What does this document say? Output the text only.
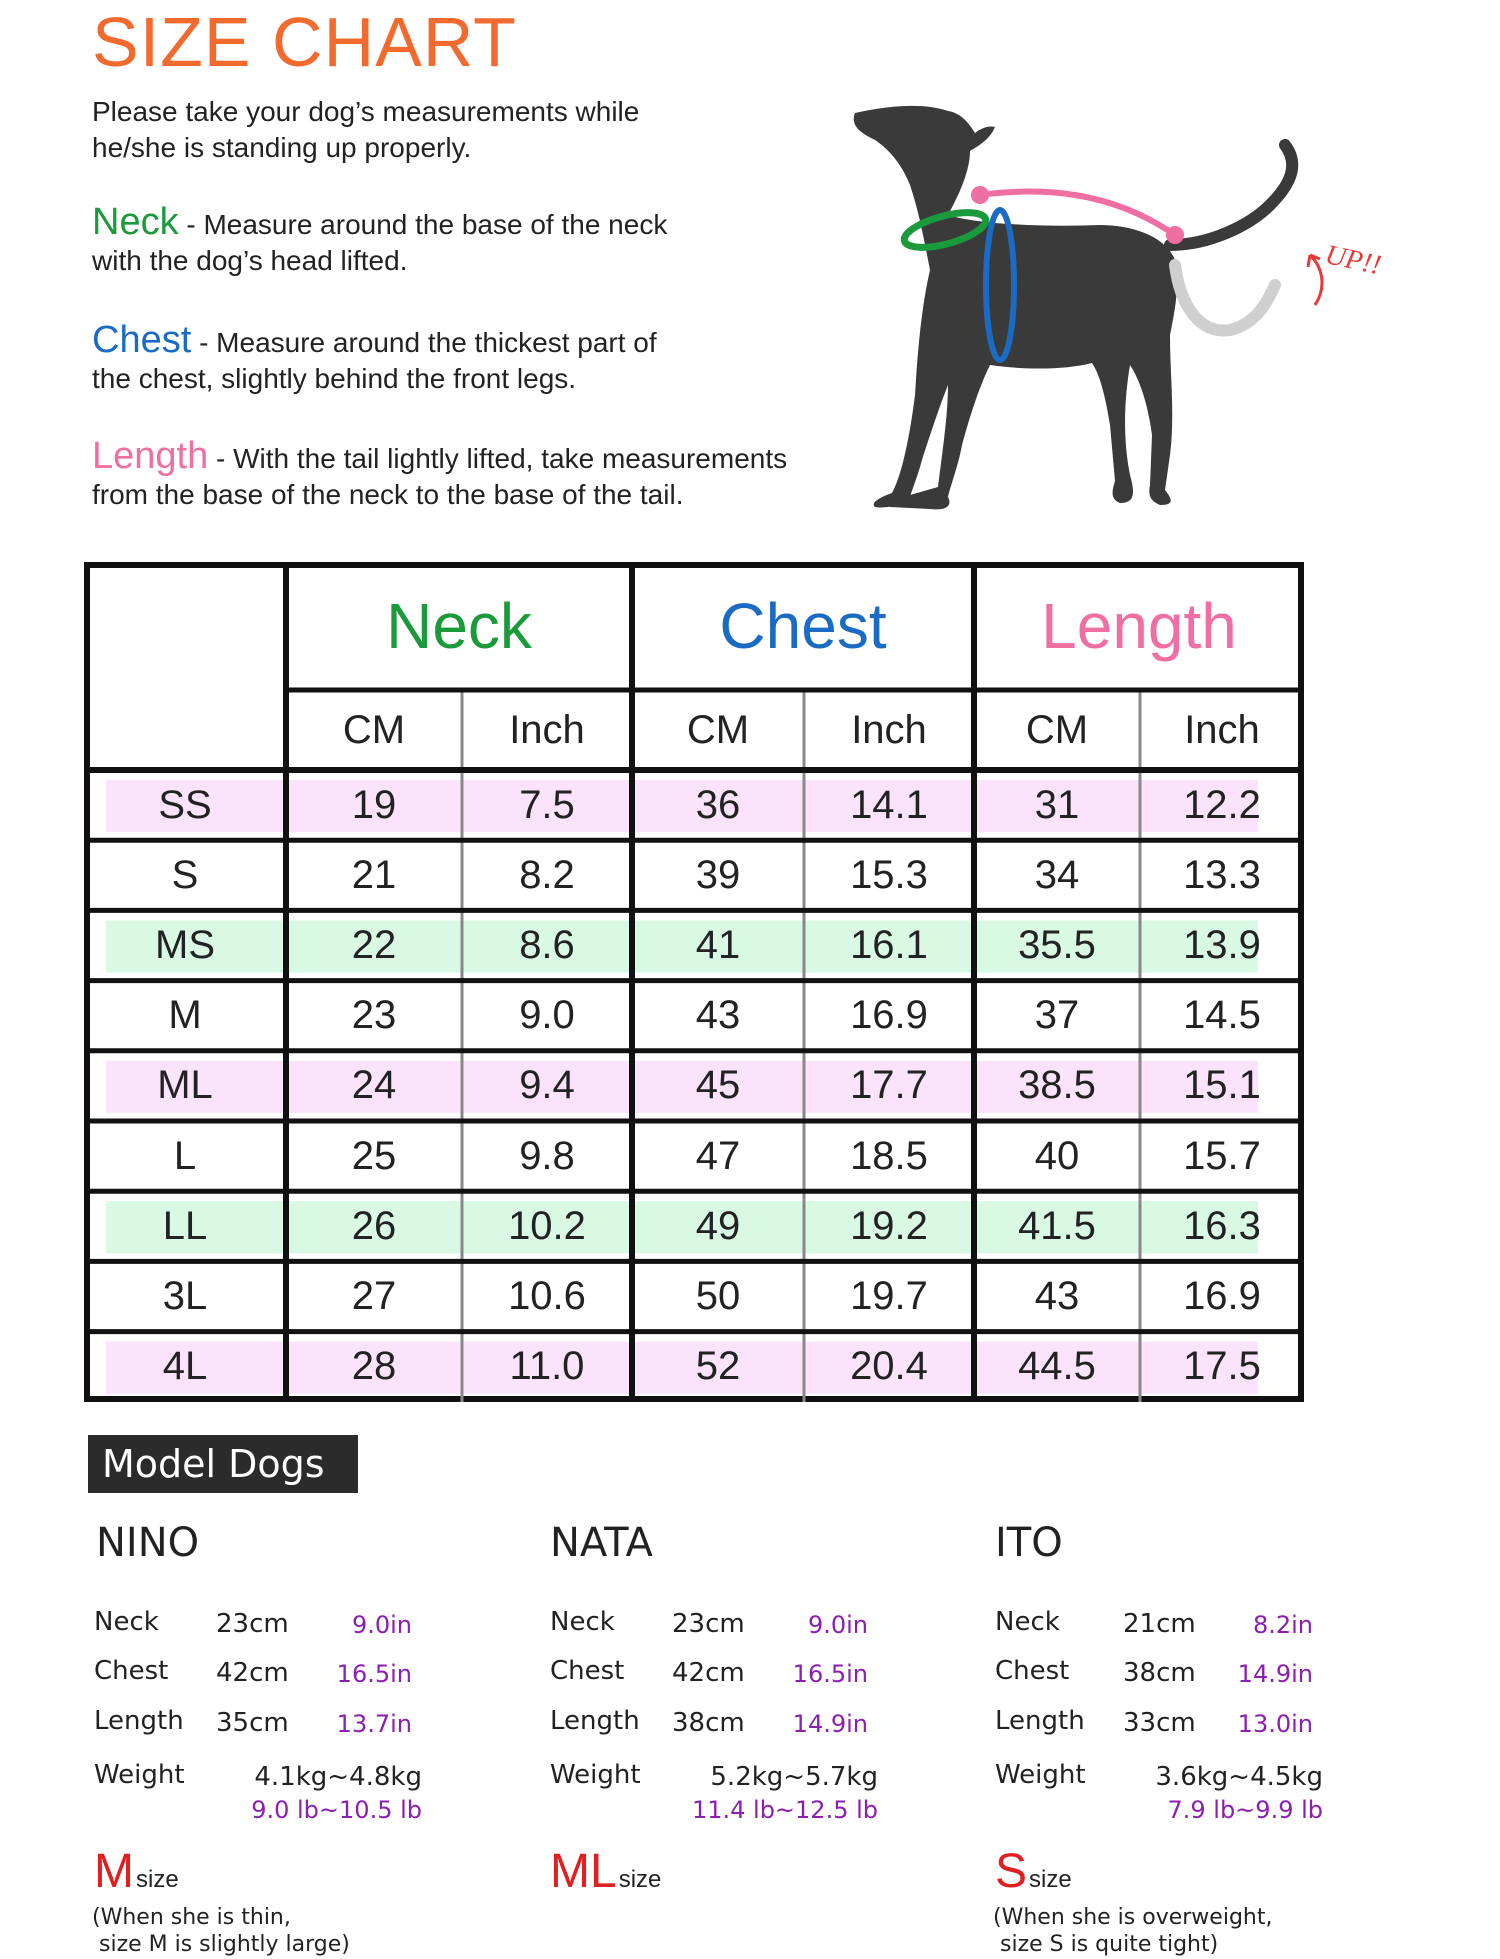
SIZE CHART
Please take your dog’s measurements while
he/she is standing up properly.
Neck - Measure around the base of the neck
with the dog’s head lifted.
Chest - Measure around the thickest part of
the chest, slightly behind the front legs.
Length - With the tail lightly lifted, take measurements
from the base of the neck to the base of the tail.
UP!!
Neck	Chest	Length
CM	Inch	CM	Inch	CM	Inch
SS	19	7.5	36	14.1	31	12.2
S	21	8.2	39	15.3	34	13.3
MS	22	8.6	41	16.1	35.5	13.9
M	23	9.0	43	16.9	37	14.5
ML	24	9.4	45	17.7	38.5	15.1
L	25	9.8	47	18.5	40	15.7
LL	26	10.2	49	19.2	41.5	16.3
3L	27	10.6	50	19.7	43	16.9
4L	28	11.0	52	20.4	44.5	17.5
Model Dogs
NINO
Neck 23cm	9.0in
Chest 42cm	16.5in
Length 35cm	13.7in
Weight	4.1kg~4.8kg
9.0 lb~10.5 lb
Msize
(When she is thin,
size M is slightly large)
NATA
Neck 23cm	9.0in
Chest 42cm	16.5in
Length 38cm	14.9in
Weight	5.2kg~5.7kg
11.4 lb~12.5 lb
MLsize
ITO
Neck 21cm	8.2in
Chest 38cm	14.9in
Length 33cm	13.0in
Weight	3.6kg~4.5kg
7.9 lb~9.9 lb
Ssize
(When she is overweight,
size S is quite tight)
